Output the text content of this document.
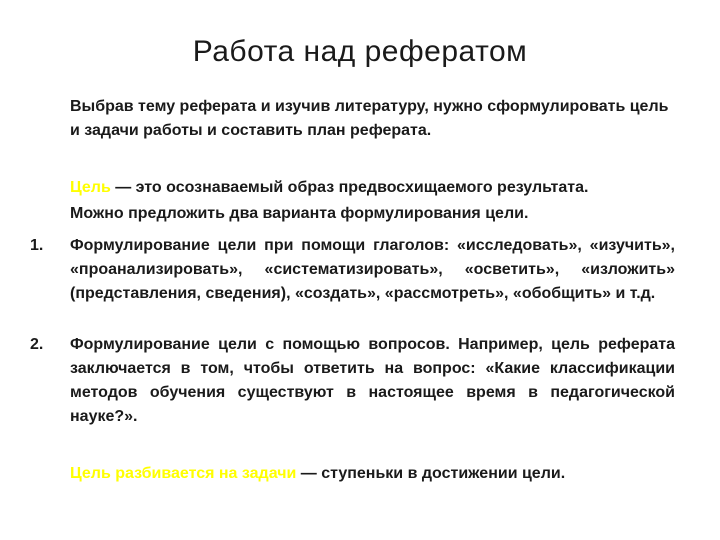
Работа над рефератом
Выбрав тему реферата и изучив литературу, нужно сформулировать цель и задачи работы и составить план реферата.
Цель — это осознаваемый образ предвосхищаемого результата.
Можно предложить два варианта формулирования цели.
1. Формулирование цели при помощи глаголов: «исследовать», «изучить», «проанализировать», «систематизировать», «осветить», «изложить» (представления, сведения), «создать», «рассмотреть», «обобщить» и т.д.
2. Формулирование цели с помощью вопросов. Например, цель реферата заключается в том, чтобы ответить на вопрос: «Какие классификации методов обучения существуют в настоящее время в педагогической науке?».
Цель разбивается на задачи — ступеньки в достижении цели.
